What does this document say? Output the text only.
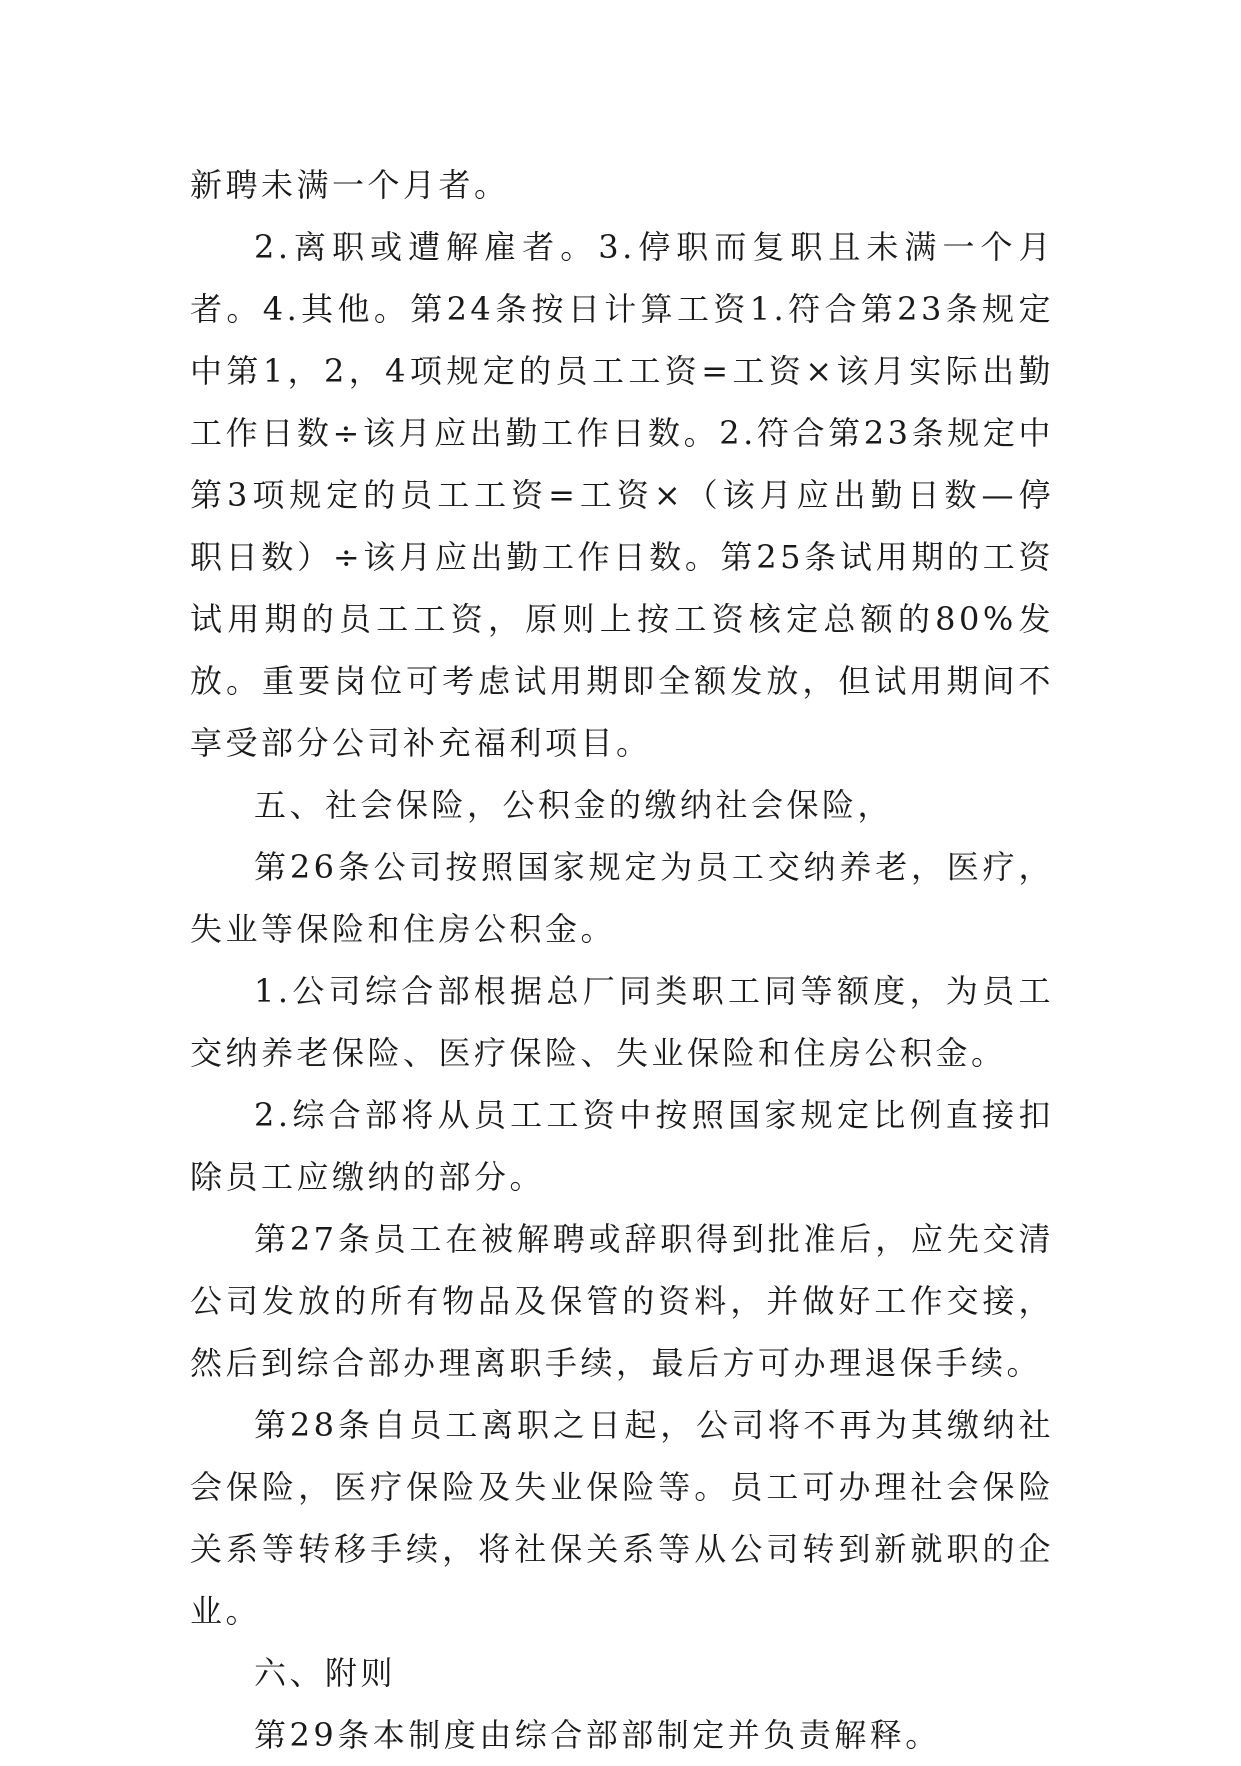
新聘未满一个月者。

2.离职或遭解雇者。3.停职而复职且未满一个月者。4.其他。第24条按日计算工资1.符合第23条规定中第1，2，4项规定的员工工资=工资×该月实际出勤工作日数÷该月应出勤工作日数。2.符合第23条规定中第3项规定的员工工资=工资×（该月应出勤日数—停职日数）÷该月应出勤工作日数。第25条试用期的工资试用期的员工工资，原则上按工资核定总额的80%发放。重要岗位可考虑试用期即全额发放，但试用期间不享受部分公司补充福利项目。

五、社会保险，公积金的缴纳社会保险，

第26条公司按照国家规定为员工交纳养老，医疗，失业等保险和住房公积金。

1.公司综合部根据总厂同类职工同等额度，为员工交纳养老保险、医疗保险、失业保险和住房公积金。

2.综合部将从员工工资中按照国家规定比例直接扣除员工应缴纳的部分。

第27条员工在被解聘或辞职得到批准后，应先交清公司发放的所有物品及保管的资料，并做好工作交接，然后到综合部办理离职手续，最后方可办理退保手续。

第28条自员工离职之日起，公司将不再为其缴纳社会保险，医疗保险及失业保险等。员工可办理社会保险关系等转移手续，将社保关系等从公司转到新就职的企业。

六、附则

第29条本制度由综合部部制定并负责解释。
